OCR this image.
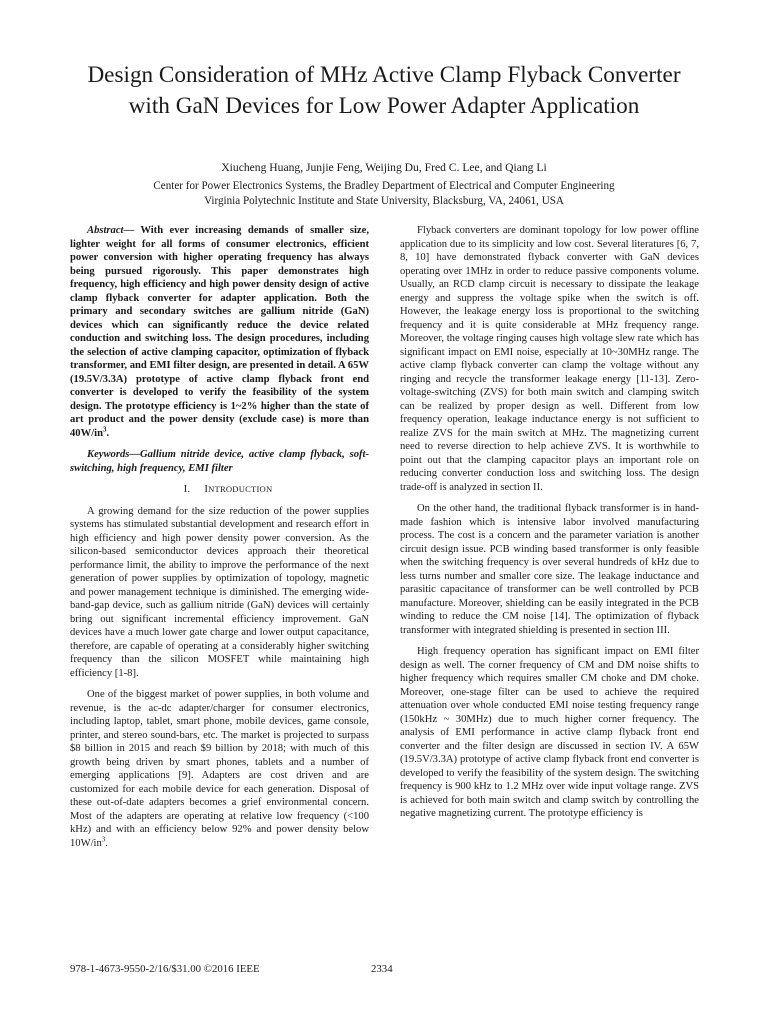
Design Consideration of MHz Active Clamp Flyback Converter
with GaN Devices for Low Power Adapter Application
Xiucheng Huang, Junjie Feng, Weijing Du, Fred C. Lee, and Qiang Li
Center for Power Electronics Systems, the Bradley Department of Electrical and Computer Engineering
Virginia Polytechnic Institute and State University, Blacksburg, VA, 24061, USA

Abstract— With ever increasing demands of smaller size, lighter weight for all forms of consumer electronics, efficient power conversion with higher operating frequency has always being pursued rigorously. This paper demonstrates high frequency, high efficiency and high power density design of active clamp flyback converter for adapter application. Both the primary and secondary switches are gallium nitride (GaN) devices which can significantly reduce the device related conduction and switching loss. The design procedures, including the selection of active clamping capacitor, optimization of flyback transformer, and EMI filter design, are presented in detail. A 65W (19.5V/3.3A) prototype of active clamp flyback front end converter is developed to verify the feasibility of the system design. The prototype efficiency is 1~2% higher than the state of art product and the power density (exclude case) is more than $40W/in^3$.

Keywords—Gallium nitride device, active clamp flyback, soft-switching, high frequency, EMI filter

I. INTRODUCTION

A growing demand for the size reduction of the power supplies systems has stimulated substantial development and research effort in high efficiency and high power density power conversion. As the silicon-based semiconductor devices approach their theoretical performance limit, the ability to improve the performance of the next generation of power supplies by optimization of topology, magnetic and power management technique is diminished. The emerging wide-band-gap device, such as gallium nitride (GaN) devices will certainly bring out significant incremental efficiency improvement. GaN devices have a much lower gate charge and lower output capacitance, therefore, are capable of operating at a considerably higher switching frequency than the silicon MOSFET while maintaining high efficiency [1-8].

One of the biggest market of power supplies, in both volume and revenue, is the ac-dc adapter/charger for consumer electronics, including laptop, tablet, smart phone, mobile devices, game console, printer, and stereo sound-bars, etc. The market is projected to surpass $8 billion in 2015 and reach $9 billion by 2018; with much of this growth being driven by smart phones, tablets and a number of emerging applications [9]. Adapters are cost driven and are customized for each mobile device for each generation. Disposal of these out-of-date adapters becomes a grief environmental concern. Most of the adapters are operating at relative low frequency (<100 kHz) and with an efficiency below 92% and power density below $10W/in^3$.

Flyback converters are dominant topology for low power offline application due to its simplicity and low cost. Several literatures [6, 7, 8, 10] have demonstrated flyback converter with GaN devices operating over 1MHz in order to reduce passive components volume. Usually, an RCD clamp circuit is necessary to dissipate the leakage energy and suppress the voltage spike when the switch is off. However, the leakage energy loss is proportional to the switching frequency and it is quite considerable at MHz frequency range. Moreover, the voltage ringing causes high voltage slew rate which has significant impact on EMI noise, especially at 10~30MHz range. The active clamp flyback converter can clamp the voltage without any ringing and recycle the transformer leakage energy [11-13]. Zero-voltage-switching (ZVS) for both main switch and clamping switch can be realized by proper design as well. Different from low frequency operation, leakage inductance energy is not sufficient to realize ZVS for the main switch at MHz. The magnetizing current need to reverse direction to help achieve ZVS. It is worthwhile to point out that the clamping capacitor plays an important role on reducing converter conduction loss and switching loss. The design trade-off is analyzed in section II.

On the other hand, the traditional flyback transformer is in hand-made fashion which is intensive labor involved manufacturing process. The cost is a concern and the parameter variation is another circuit design issue. PCB winding based transformer is only feasible when the switching frequency is over several hundreds of kHz due to less turns number and smaller core size. The leakage inductance and parasitic capacitance of transformer can be well controlled by PCB manufacture. Moreover, shielding can be easily integrated in the PCB winding to reduce the CM noise [14]. The optimization of flyback transformer with integrated shielding is presented in section III.

High frequency operation has significant impact on EMI filter design as well. The corner frequency of CM and DM noise shifts to higher frequency which requires smaller CM choke and DM choke. Moreover, one-stage filter can be used to achieve the required attenuation over whole conducted EMI noise testing frequency range (150kHz ~ 30MHz) due to much higher corner frequency. The analysis of EMI performance in active clamp flyback front end converter and the filter design are discussed in section IV. A 65W (19.5V/3.3A) prototype of active clamp flyback front end converter is developed to verify the feasibility of the system design. The switching frequency is 900 kHz to 1.2 MHz over wide input voltage range. ZVS is achieved for both main switch and clamp switch by controlling the negative magnetizing current. The prototype efficiency is

978-1-4673-9550-2/16/$31.00 ©2016 IEEE	2334
